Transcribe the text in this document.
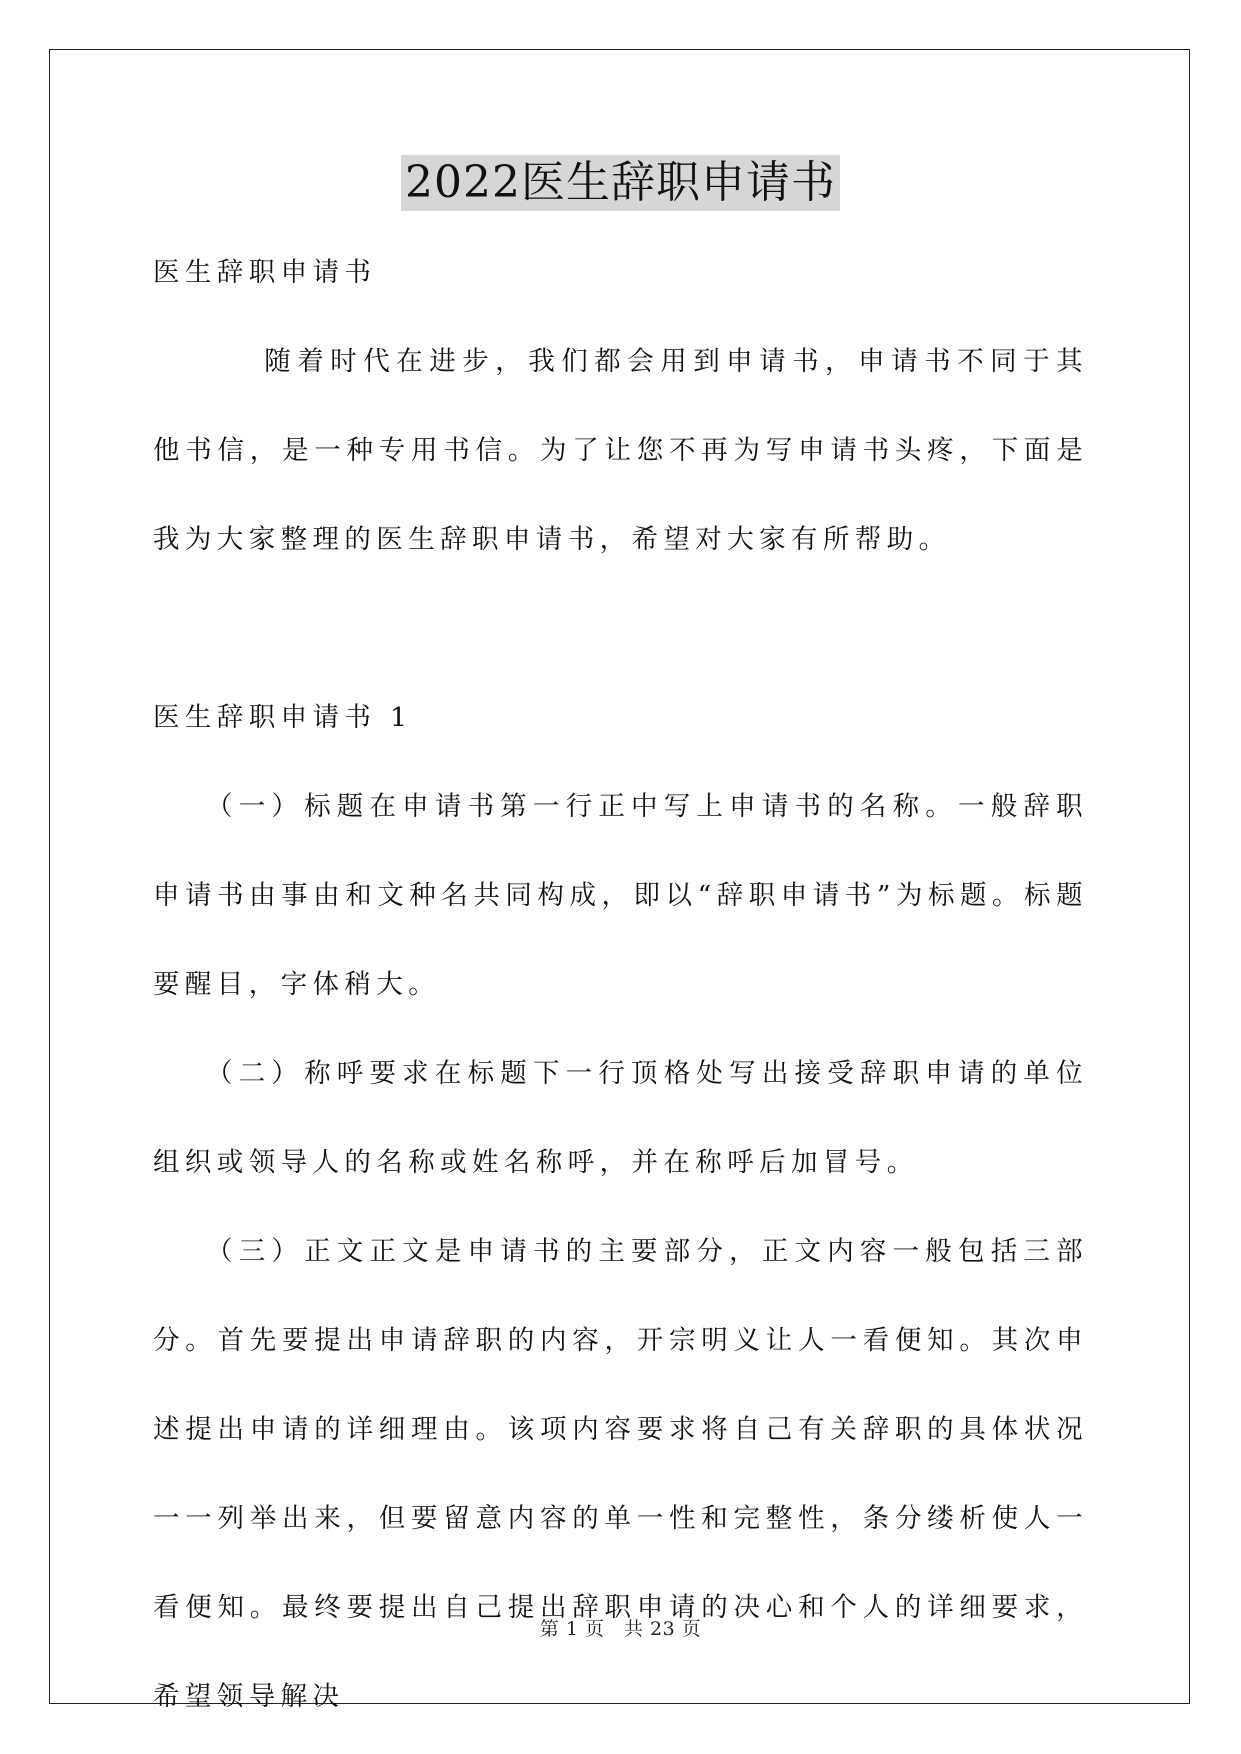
2022医生辞职申请书

医生辞职申请书

随着时代在进步，我们都会用到申请书，申请书不同于其他书信，是一种专用书信。为了让您不再为写申请书头疼，下面是我为大家整理的医生辞职申请书，希望对大家有所帮助。

医生辞职申请书 1

（一）标题在申请书第一行正中写上申请书的名称。一般辞职申请书由事由和文种名共同构成，即以“辞职申请书”为标题。标题要醒目，字体稍大。

（二）称呼要求在标题下一行顶格处写出接受辞职申请的单位组织或领导人的名称或姓名称呼，并在称呼后加冒号。

（三）正文正文是申请书的主要部分，正文内容一般包括三部分。首先要提出申请辞职的内容，开宗明义让人一看便知。其次申述提出申请的详细理由。该项内容要求将自己有关辞职的具体状况一一列举出来，但要留意内容的单一性和完整性，条分缕析使人一看便知。最终要提出自己提出辞职申请的决心和个人的详细要求，希望领导解决

第 1 页　共 23 页
